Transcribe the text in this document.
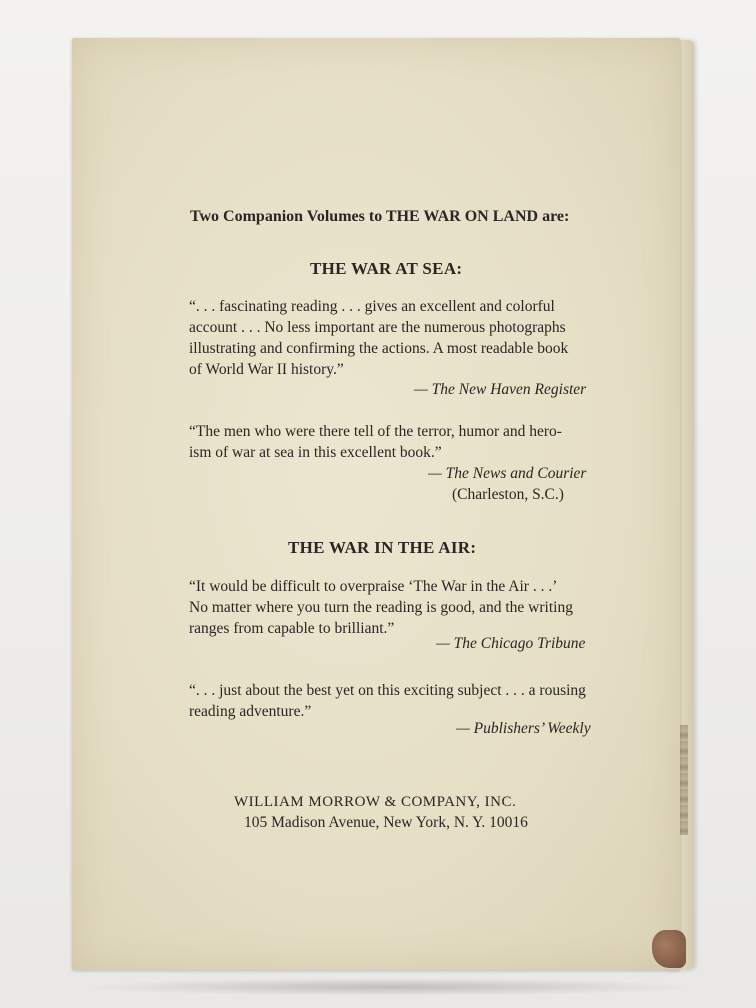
Two Companion Volumes to THE WAR ON LAND are:
THE WAR AT SEA:
“. . . fascinating reading . . . gives an excellent and colorful
account . . . No less important are the numerous photographs
illustrating and confirming the actions. A most readable book
of World War II history.”
— The New Haven Register
“The men who were there tell of the terror, humor and hero-
ism of war at sea in this excellent book.”
— The News and Courier
(Charleston, S.C.)
THE WAR IN THE AIR:
“It would be difficult to overpraise ‘The War in the Air . . .’
No matter where you turn the reading is good, and the writing
ranges from capable to brilliant.”
— The Chicago Tribune
“. . . just about the best yet on this exciting subject . . . a rousing
reading adventure.”
— Publishers’ Weekly
WILLIAM MORROW & COMPANY, INC.
105 Madison Avenue, New York, N. Y. 10016
